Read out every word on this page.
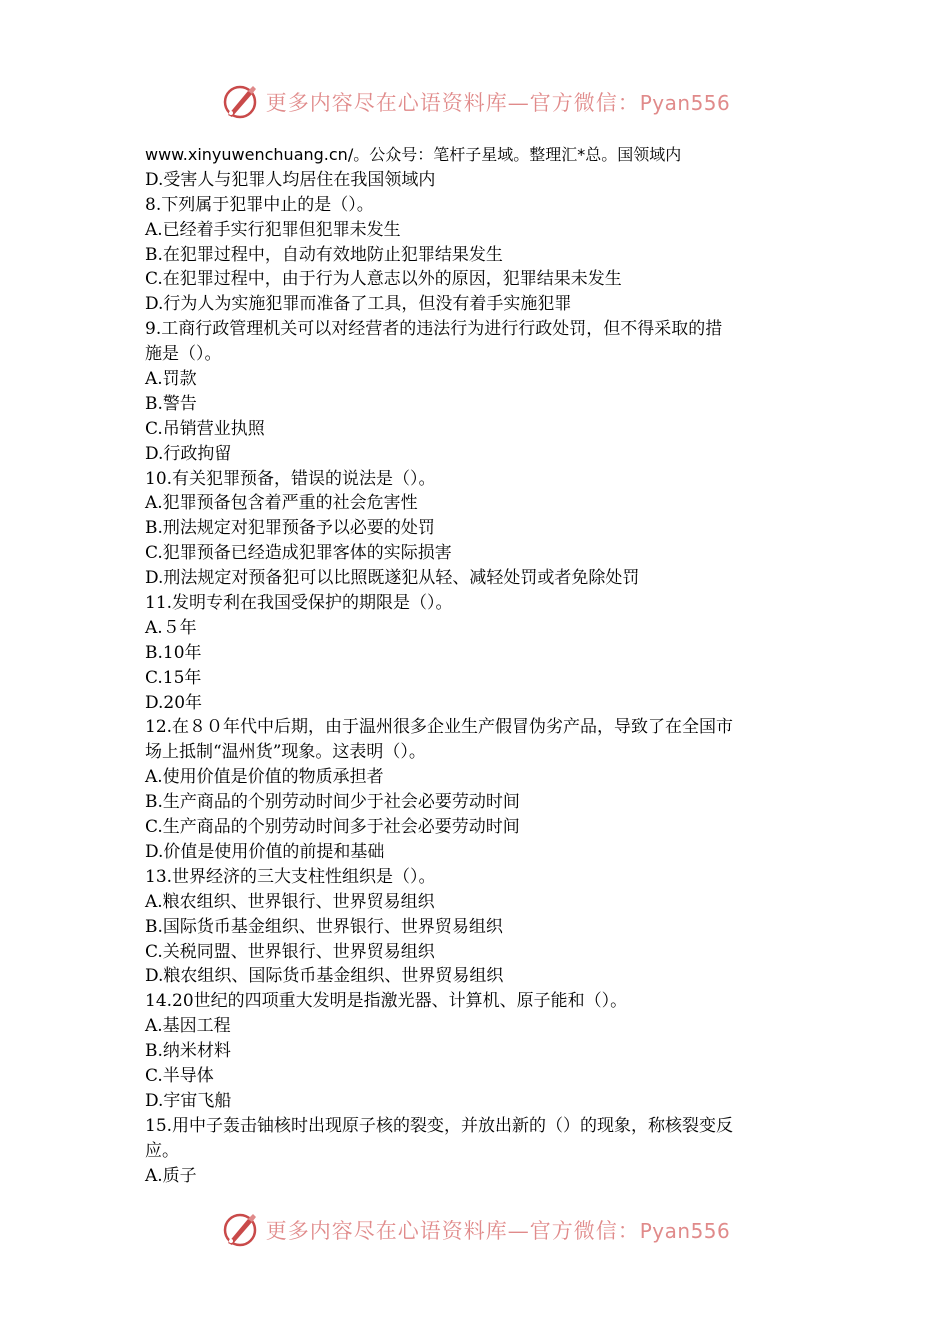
更多内容尽在心语资料库—官方微信：Pyan556
www.xinyuwenchuang.cn/。公众号：笔杆子星域。整理汇*总。国领域内
D.受害人与犯罪人均居住在我国领域内
8.下列属于犯罪中止的是（）。
A.已经着手实行犯罪但犯罪未发生
B.在犯罪过程中，自动有效地防止犯罪结果发生
C.在犯罪过程中，由于行为人意志以外的原因，犯罪结果未发生
D.行为人为实施犯罪而准备了工具，但没有着手实施犯罪
9.工商行政管理机关可以对经营者的违法行为进行行政处罚，但不得采取的措
施是（）。
A.罚款
B.警告
C.吊销营业执照
D.行政拘留
10.有关犯罪预备，错误的说法是（）。
A.犯罪预备包含着严重的社会危害性
B.刑法规定对犯罪预备予以必要的处罚
C.犯罪预备已经造成犯罪客体的实际损害
D.刑法规定对预备犯可以比照既遂犯从轻、减轻处罚或者免除处罚
11.发明专利在我国受保护的期限是（）。
A.５年
B.10年
C.15年
D.20年
12.在８０年代中后期，由于温州很多企业生产假冒伪劣产品，导致了在全国市
场上抵制“温州货”现象。这表明（）。
A.使用价值是价值的物质承担者
B.生产商品的个别劳动时间少于社会必要劳动时间
C.生产商品的个别劳动时间多于社会必要劳动时间
D.价值是使用价值的前提和基础
13.世界经济的三大支柱性组织是（）。
A.粮农组织、世界银行、世界贸易组织
B.国际货币基金组织、世界银行、世界贸易组织
C.关税同盟、世界银行、世界贸易组织
D.粮农组织、国际货币基金组织、世界贸易组织
14.20世纪的四项重大发明是指激光器、计算机、原子能和（）。
A.基因工程
B.纳米材料
C.半导体
D.宇宙飞船
15.用中子轰击铀核时出现原子核的裂变，并放出新的（）的现象，称核裂变反
应。
A.质子
更多内容尽在心语资料库—官方微信：Pyan556
